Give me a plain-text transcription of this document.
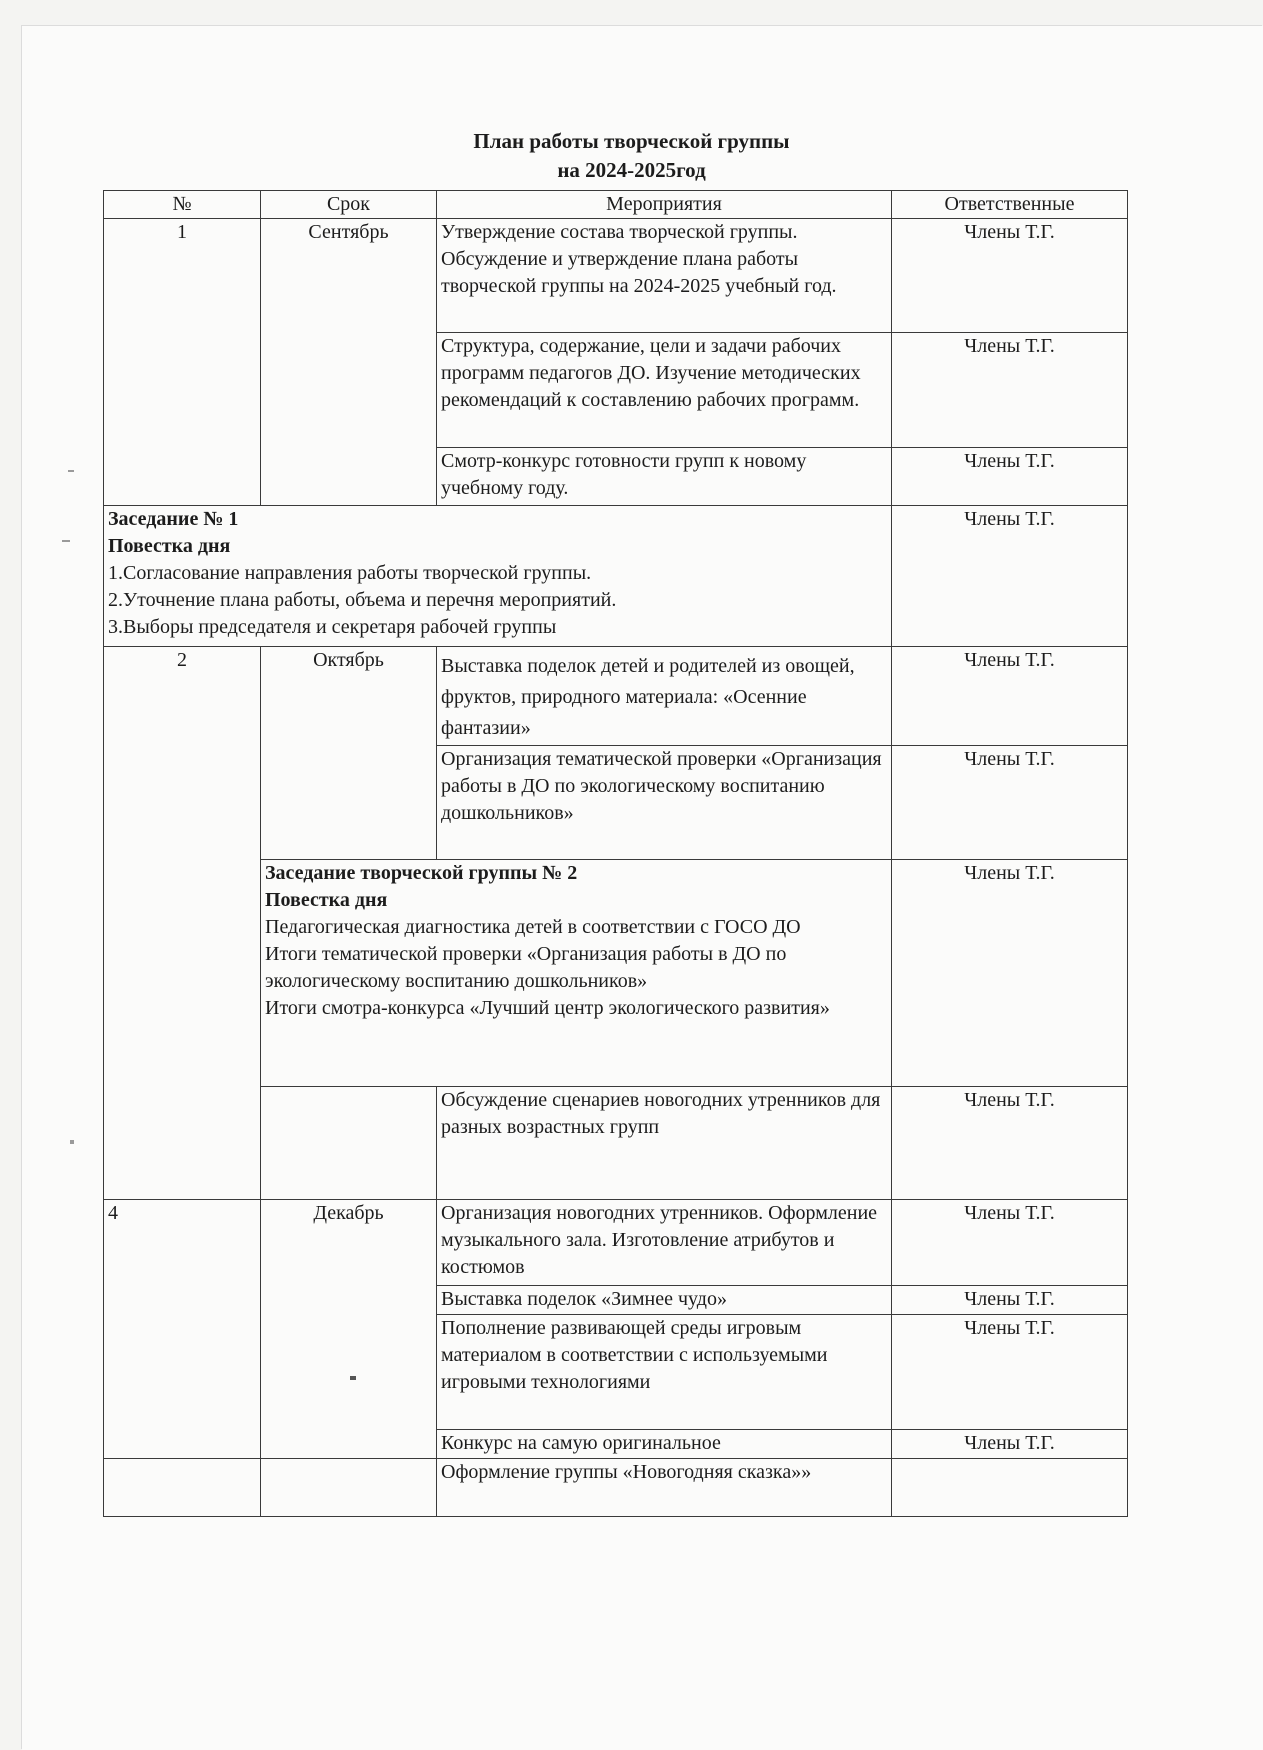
План работы творческой группы
на 2024-2025год
№	Срок	Мероприятия	Ответственные
1	Сентябрь	Утверждение состава творческой группы. Обсуждение и утверждение плана работы творческой группы на 2024-2025 учебный год.	Члены Т.Г.
		Структура, содержание, цели и задачи рабочих программ педагогов ДО. Изучение методических рекомендаций к составлению рабочих программ.	Члены Т.Г.
		Смотр-конкурс готовности групп к новому учебному году.	Члены Т.Г.

Заседание № 1
Повестка дня
1.Согласование направления работы творческой группы.
2.Уточнение плана работы, объема и перечня мероприятий.
3.Выборы председателя и секретаря рабочей группы			Члены Т.Г.
2	Октябрь	Выставка поделок детей и родителей из овощей, фруктов, природного материала: «Осенние фантазии»	Члены Т.Г.
		Организация тематической проверки «Организация работы в ДО по экологическому воспитанию дошкольников»	Члены Т.Г.

	Заседание творческой группы № 2
Повестка дня
Педагогическая диагностика детей в соответствии с ГОСО ДО
Итоги тематической проверки «Организация работы в ДО по экологическому воспитанию дошкольников»
Итоги смотра-конкурса «Лучший центр экологического развития»		Члены Т.Г.
		Обсуждение сценариев новогодних утренников для разных возрастных групп	Члены Т.Г.
4	Декабрь	Организация новогодних утренников. Оформление музыкального зала. Изготовление атрибутов и костюмов	Члены Т.Г.
		Выставка поделок «Зимнее чудо»	Члены Т.Г.
		Пополнение развивающей среды игровым материалом в соответствии с используемыми игровыми технологиями	Члены Т.Г.
		Конкурс на самую оригинальное	Члены Т.Г.
		Оформление группы «Новогодняя сказка»»	
